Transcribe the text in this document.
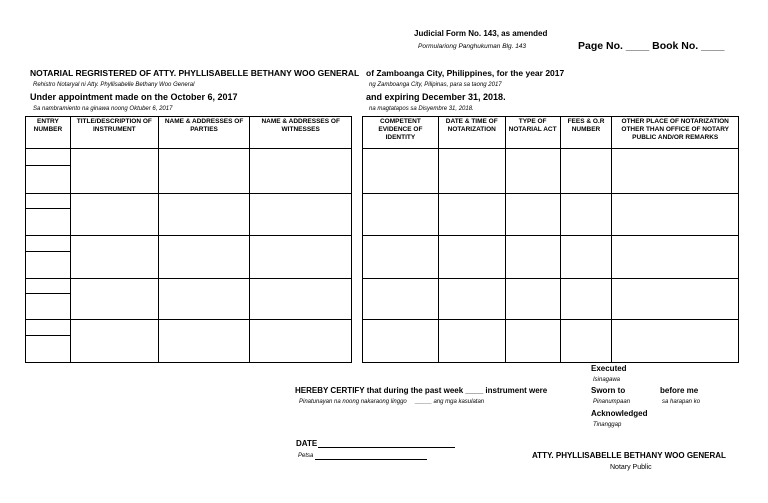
Judicial Form No. 143, as amended
Pormulariong Panghukuman Blg. 143	Page No. ____ Book No. ____
NOTARIAL REGRISTERED OF ATTY. PHYLLISABELLE BETHANY WOO GENERAL
Rehistro Notaryal ni Atty. Phyllisabelle Bethany Woo General
Under appointment made on the October 6, 2017
Sa nambramiento na ginawa noong Oktuber 6, 2017
of Zamboanga City, Philippines, for the year 2017
ng Zamboanga City, Pilipinas, para sa taong 2017
and expiring December 31, 2018.
na magtatapos sa Disyembre 31, 2018.
ENTRY NUMBER	TITLE/DESCRIPTION OF INSTRUMENT	NAME & ADDRESSES OF PARTIES	NAME & ADDRESSES OF WITNESSES

COMPETENT EVIDENCE OF IDENTITY	DATE & TIME OF NOTARIZATION	TYPE OF NOTARIAL ACT	FEES & O.R NUMBER	OTHER PLACE OF NOTARIZATION OTHER THAN OFFICE OF NOTARY PUBLIC AND/OR REMARKS

Executed
Isinagawa
HEREBY CERTIFY that during the past week ____ instrument were
Pinatunayan na noong nakaraong linggo     _____ ang mga kasulatan
Sworn to
Pinanumpaan
before me
sa harapan ko
Acknowledged
Tinanggap
DATE
Petsa	ATTY. PHYLLISABELLE BETHANY WOO GENERAL
Notary Public
